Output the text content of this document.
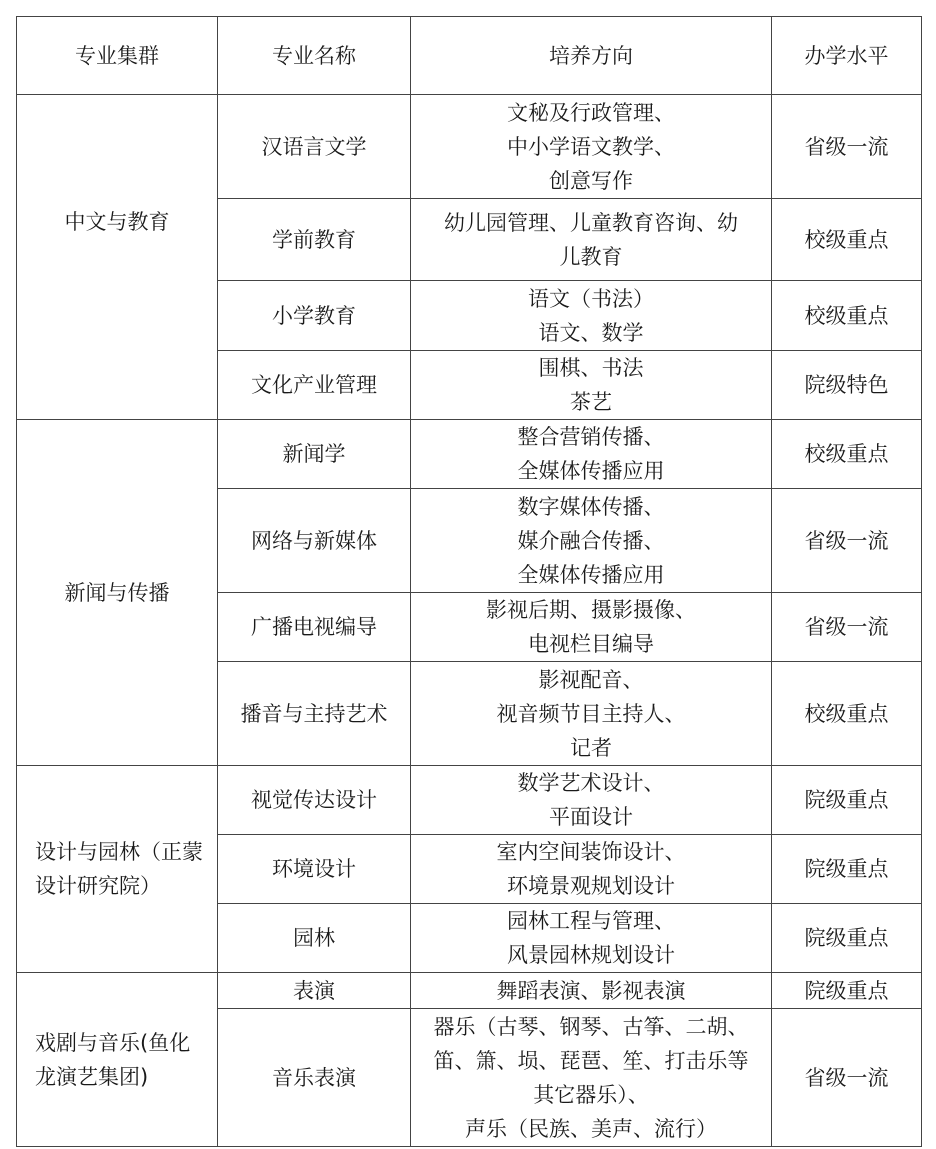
专业集群	专业名称	培养方向	办学水平
中文与教育	汉语言文学	文秘及行政管理、
中小学语文教学、
创意写作	省级一流
	学前教育	幼儿园管理、儿童教育咨询、幼
儿教育	校级重点
	小学教育	语文（书法）
语文、数学	校级重点
	文化产业管理	围棋、书法
茶艺	院级特色
新闻与传播	新闻学	整合营销传播、
全媒体传播应用	校级重点
	网络与新媒体	数字媒体传播、
媒介融合传播、
全媒体传播应用	省级一流
	广播电视编导	影视后期、摄影摄像、
电视栏目编导	省级一流
	播音与主持艺术	影视配音、
视音频节目主持人、
记者	校级重点

设计与园林（正蒙设计研究院）	视觉传达设计	数学艺术设计、
平面设计	院级重点
	环境设计	室内空间装饰设计、
环境景观规划设计	院级重点
	园林	园林工程与管理、
风景园林规划设计	院级重点

戏剧与音乐(鱼化龙演艺集团)	表演	舞蹈表演、影视表演	院级重点
	音乐表演	器乐（古琴、钢琴、古筝、二胡、笛、箫、埙、琵琶、笙、打击乐等其它器乐）、
声乐（民族、美声、流行）	省级一流
